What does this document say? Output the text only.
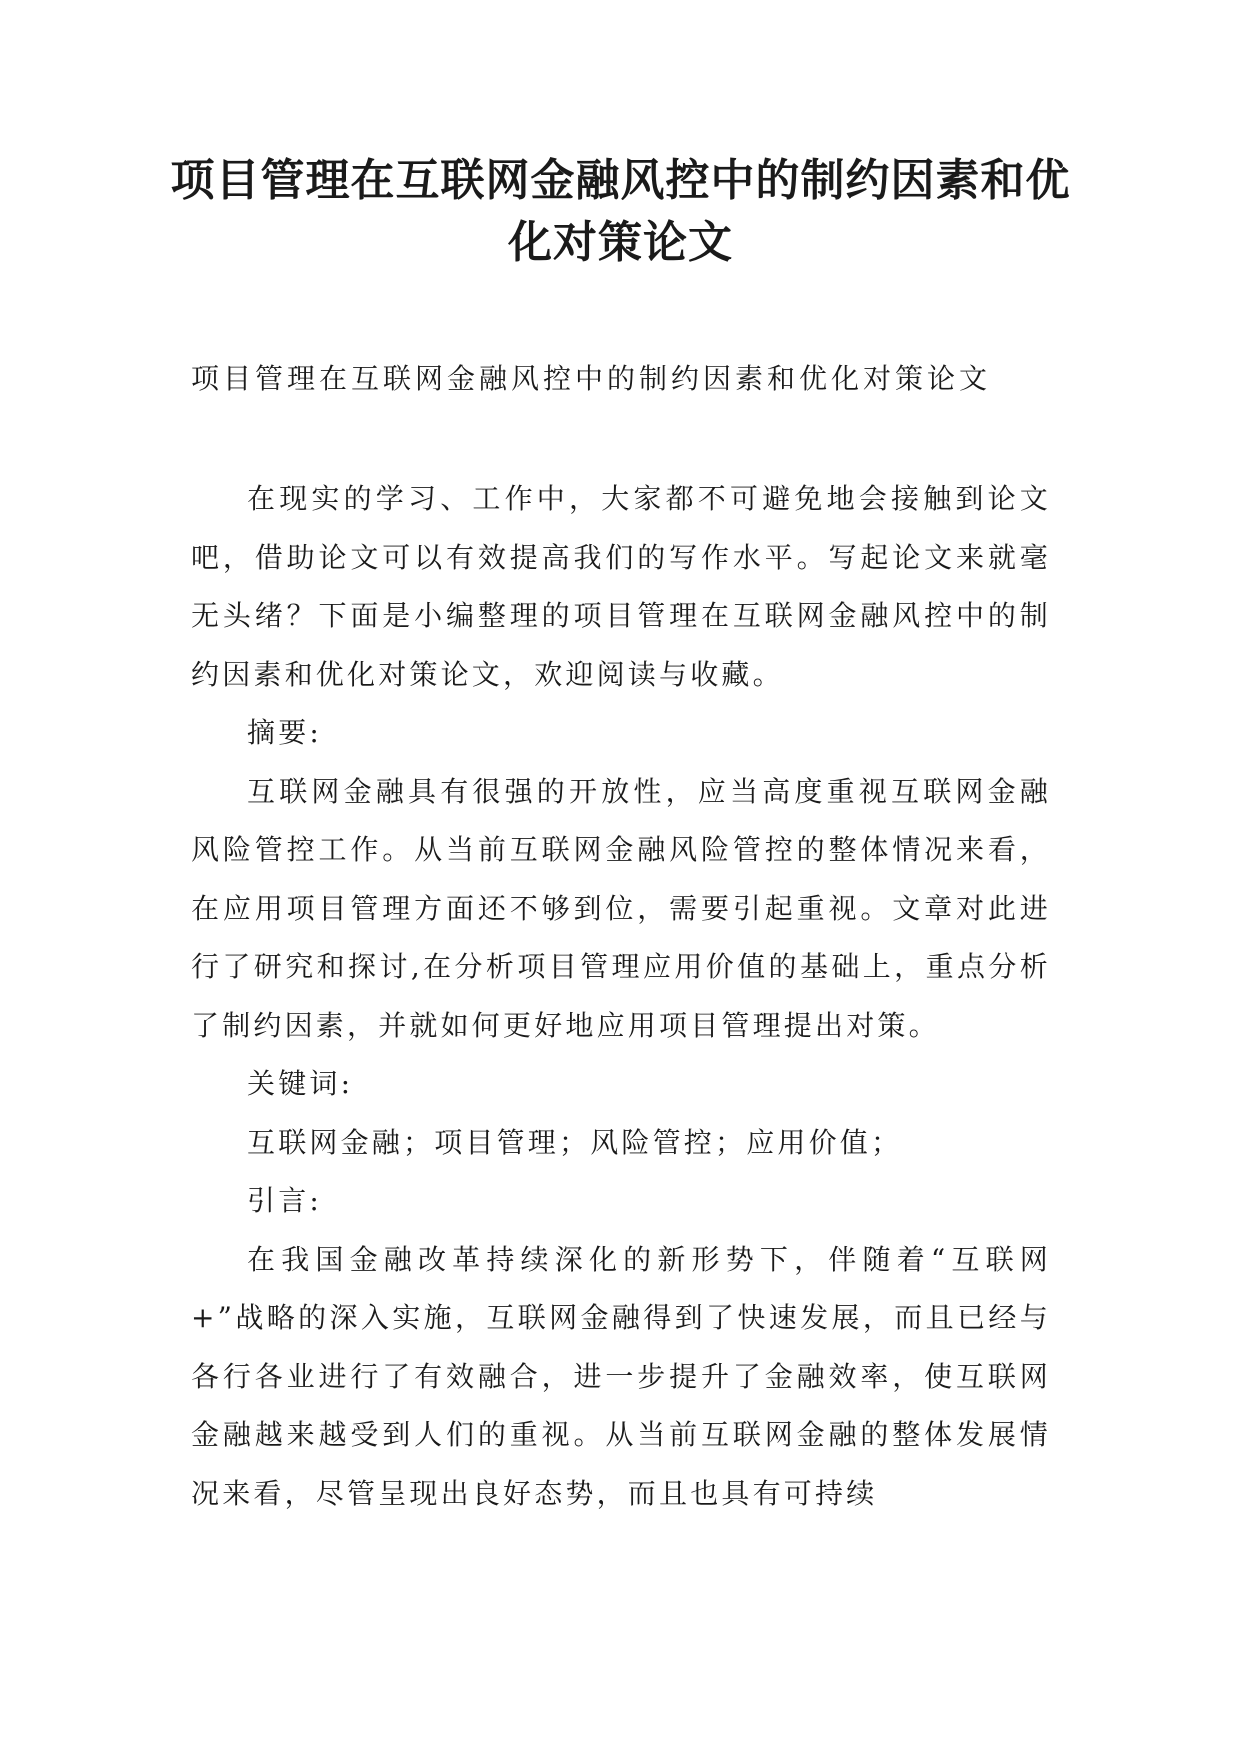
项目管理在互联网金融风控中的制约因素和优化对策论文

项目管理在互联网金融风控中的制约因素和优化对策论文

在现实的学习、工作中，大家都不可避免地会接触到论文吧，借助论文可以有效提高我们的写作水平。写起论文来就毫无头绪？下面是小编整理的项目管理在互联网金融风控中的制约因素和优化对策论文，欢迎阅读与收藏。

摘要:

互联网金融具有很强的开放性，应当高度重视互联网金融风险管控工作。从当前互联网金融风险管控的整体情况来看，在应用项目管理方面还不够到位，需要引起重视。文章对此进行了研究和探讨,在分析项目管理应用价值的基础上，重点分析了制约因素，并就如何更好地应用项目管理提出对策。

关键词:

互联网金融；项目管理；风险管控；应用价值；

引言:

在我国金融改革持续深化的新形势下，伴随着“互联网+”战略的深入实施，互联网金融得到了快速发展，而且已经与各行各业进行了有效融合，进一步提升了金融效率，使互联网金融越来越受到人们的重视。从当前互联网金融的整体发展情况来看，尽管呈现出良好态势，而且也具有可持续
